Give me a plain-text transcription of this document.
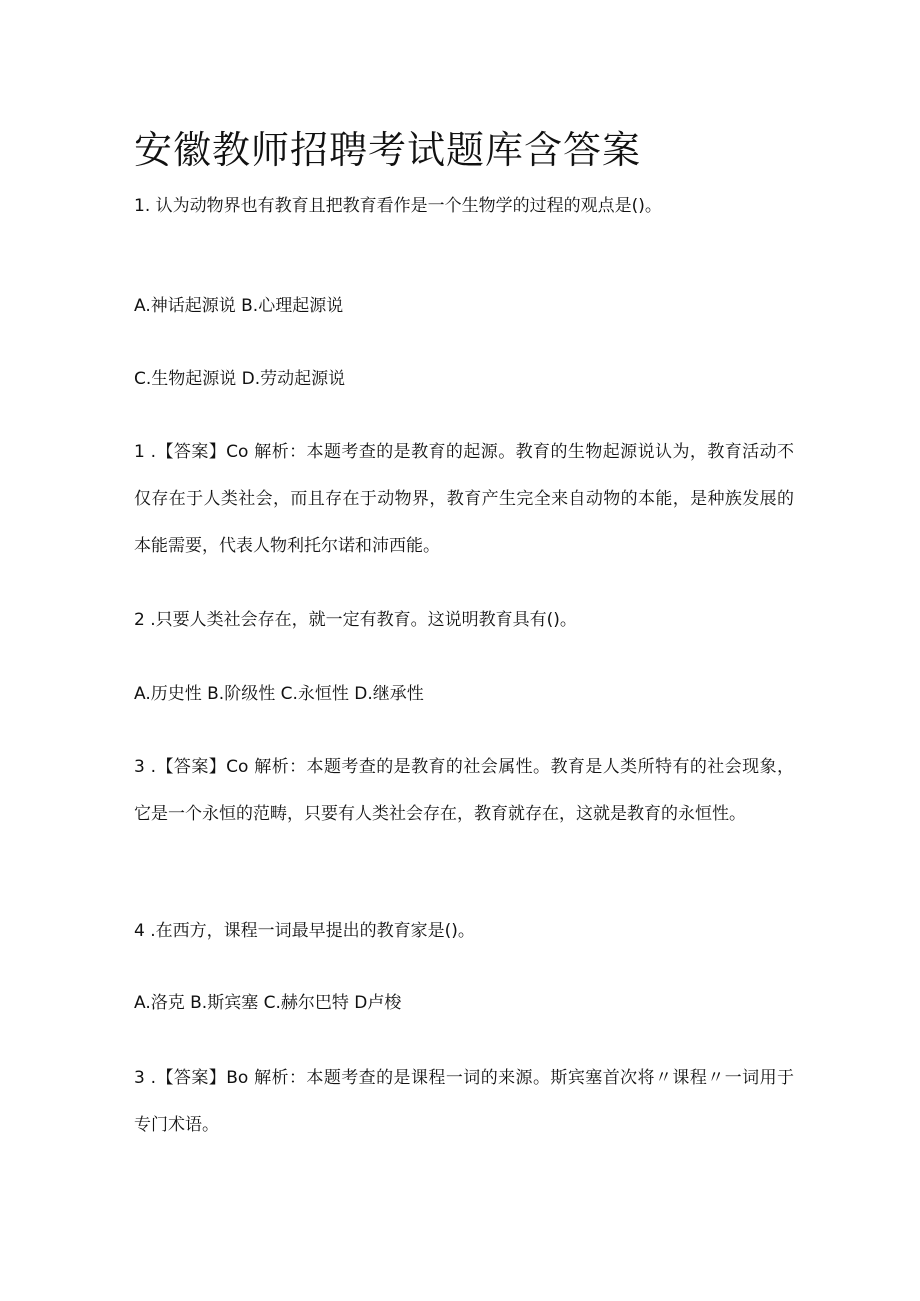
安徽教师招聘考试题库含答案
1. 认为动物界也有教育且把教育看作是一个生物学的过程的观点是()。
A.神话起源说 B.心理起源说
C.生物起源说 D.劳动起源说
1 .【答案】Co 解析：本题考查的是教育的起源。教育的生物起源说认为，教育活动不仅存在于人类社会，而且存在于动物界，教育产生完全来自动物的本能，是种族发展的本能需要，代表人物利托尔诺和沛西能。
2 .只要人类社会存在，就一定有教育。这说明教育具有()。
A.历史性 B.阶级性 C.永恒性 D.继承性
3 .【答案】Co 解析：本题考查的是教育的社会属性。教育是人类所特有的社会现象，它是一个永恒的范畴，只要有人类社会存在，教育就存在，这就是教育的永恒性。
4 .在西方，课程一词最早提出的教育家是()。
A.洛克 B.斯宾塞 C.赫尔巴特 D卢梭
3 .【答案】Bo 解析：本题考查的是课程一词的来源。斯宾塞首次将〃课程〃一词用于专门术语。
